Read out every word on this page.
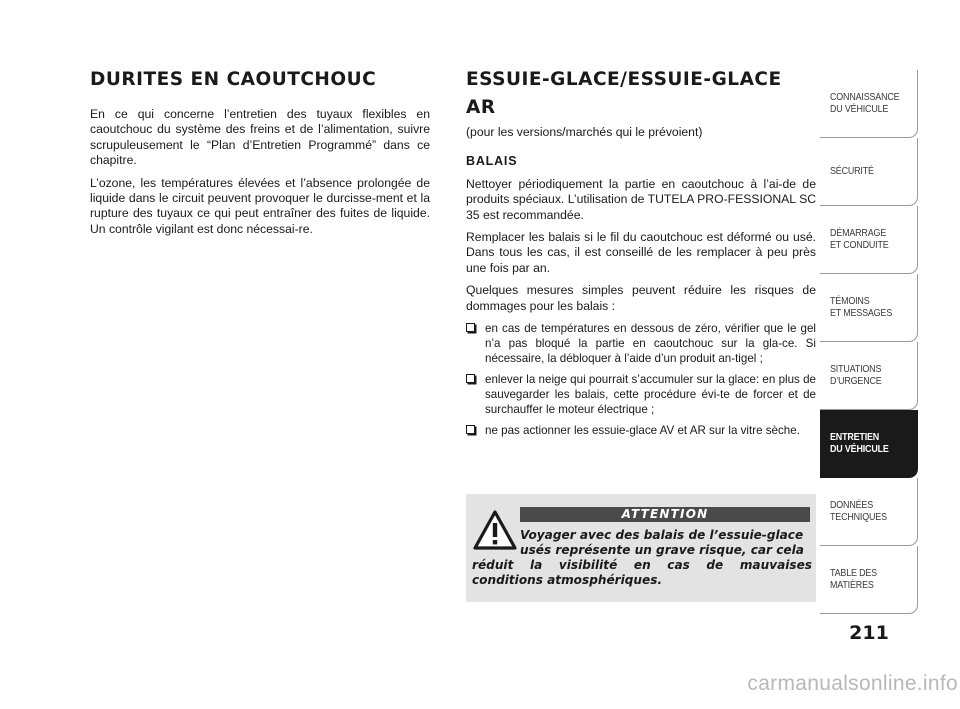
DURITES EN CAOUTCHOUC

En ce qui concerne l’entretien des tuyaux flexibles en caoutchouc du système des freins et de l’alimentation, suivre scrupuleusement le “Plan d’Entretien Programmé” dans ce chapitre.

L’ozone, les températures élevées et l’absence prolongée de liquide dans le circuit peuvent provoquer le durcisse-ment et la rupture des tuyaux ce qui peut entraîner des fuites de liquide. Un contrôle vigilant est donc nécessai-re.

ESSUIE-GLACE/ESSUIE-GLACE AR

(pour les versions/marchés qui le prévoient)

BALAIS

Nettoyer périodiquement la partie en caoutchouc à l’ai-de de produits spéciaux. L’utilisation de TUTELA PRO-FESSIONAL SC 35 est recommandée.

Remplacer les balais si le fil du caoutchouc est déformé ou usé. Dans tous les cas, il est conseillé de les remplacer à peu près une fois par an.

Quelques mesures simples peuvent réduire les risques de dommages pour les balais :

en cas de températures en dessous de zéro, vérifier que le gel n’a pas bloqué la partie en caoutchouc sur la gla-ce. Si nécessaire, la débloquer à l’aide d’un produit an-tigel ;
enlever la neige qui pourrait s’accumuler sur la glace: en plus de sauvegarder les balais, cette procédure évi-te de forcer et de surchauffer le moteur électrique ;
ne pas actionner les essuie-glace AV et AR sur la vitre sèche.
ATTENTION
Voyager avec des balais de l’essuie-glace
usés représente un grave risque, car cela
réduit la visibilité en cas de mauvaises conditions atmosphériques.
CONNAISSANCE
DU VÉHICULE
SÉCURITÉ
DÉMARRAGE
ET CONDUITE
TÉMOINS
ET MESSAGES
SITUATIONS
D’URGENCE
ENTRETIEN
DU VÉHICULE
DONNÉES
TECHNIQUES
TABLE DES
MATIÈRES
211
carmanualsonline.info
